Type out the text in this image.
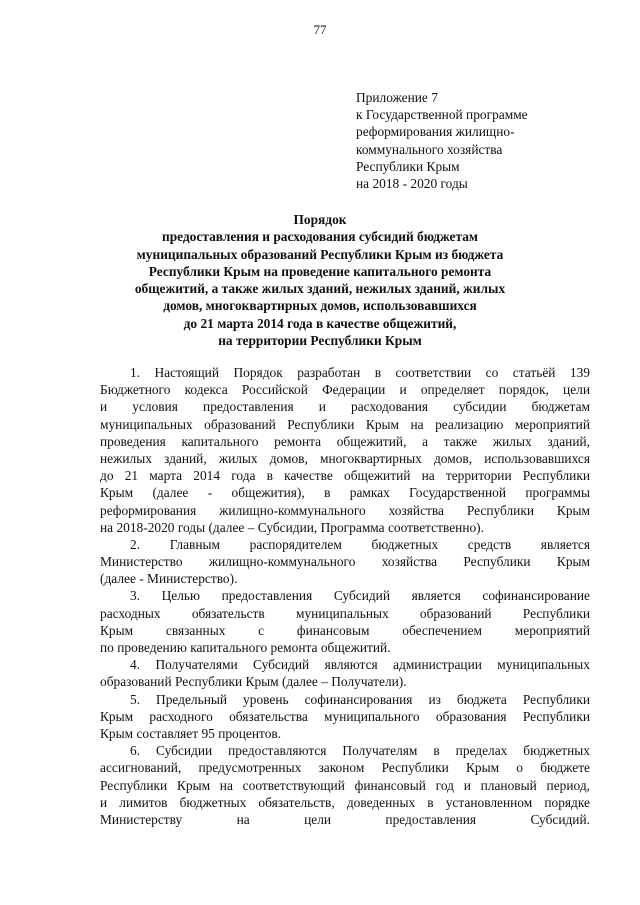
77
Приложение 7
к Государственной программе
реформирования жилищно-
коммунального хозяйства
Республики Крым
на 2018 - 2020 годы
Порядок
предоставления и расходования субсидий бюджетам
муниципальных образований Республики Крым из бюджета
Республики Крым на проведение капитального ремонта
общежитий, а также жилых зданий, нежилых зданий, жилых
домов, многоквартирных домов, использовавшихся
до 21 марта 2014 года в качестве общежитий,
на территории Республики Крым
1. Настоящий Порядок разработан в соответствии со статьёй 139
Бюджетного кодекса Российской Федерации и определяет порядок, цели
и условия предоставления и расходования субсидии бюджетам
муниципальных образований Республики Крым на реализацию мероприятий
проведения капитального ремонта общежитий, а также жилых зданий,
нежилых зданий, жилых домов, многоквартирных домов, использовавшихся
до 21 марта 2014 года в качестве общежитий на территории Республики
Крым (далее - общежития), в рамках Государственной программы
реформирования жилищно-коммунального хозяйства Республики Крым
на 2018-2020 годы (далее – Субсидии, Программа соответственно).
2. Главным распорядителем бюджетных средств является
Министерство жилищно-коммунального хозяйства Республики Крым
(далее - Министерство).
3. Целью предоставления Субсидий является софинансирование
расходных обязательств муниципальных образований Республики
Крым связанных с финансовым обеспечением мероприятий
по проведению капитального ремонта общежитий.
4. Получателями Субсидий являются администрации муниципальных
образований Республики Крым (далее – Получатели).
5. Предельный уровень софинансирования из бюджета Республики
Крым расходного обязательства муниципального образования Республики
Крым составляет 95 процентов.
6. Субсидии предоставляются Получателям в пределах бюджетных
ассигнований, предусмотренных законом Республики Крым о бюджете
Республики Крым на соответствующий финансовый год и плановый период,
и лимитов бюджетных обязательств, доведенных в установленном порядке
Министерству на цели предоставления Субсидий.
